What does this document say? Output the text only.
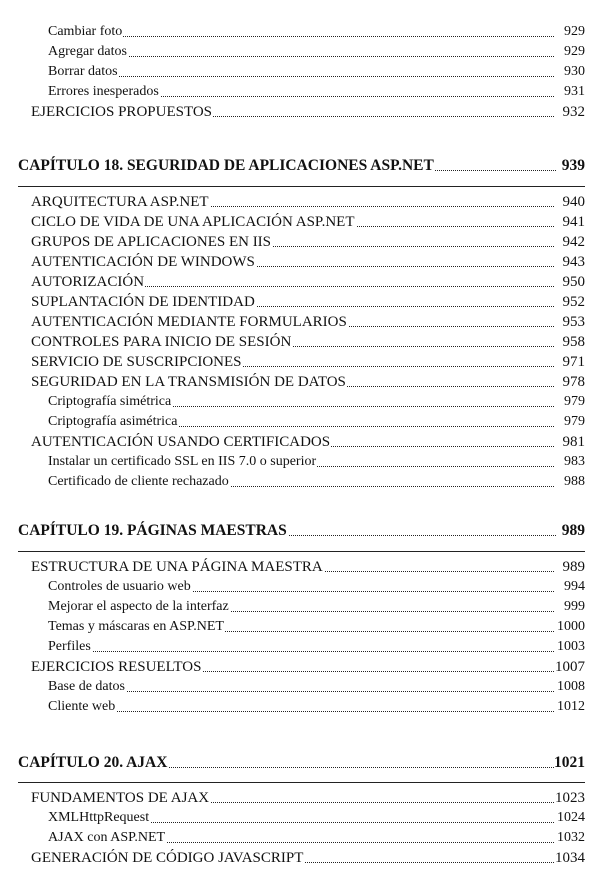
Cambiar foto	929
Agregar datos	929
Borrar datos	930
Errores inesperados	931
EJERCICIOS PROPUESTOS	932
CAPÍTULO 18. SEGURIDAD DE APLICACIONES ASP.NET	939
ARQUITECTURA ASP.NET	940
CICLO DE VIDA DE UNA APLICACIÓN ASP.NET	941
GRUPOS DE APLICACIONES EN IIS	942
AUTENTICACIÓN DE WINDOWS	943
AUTORIZACIÓN	950
SUPLANTACIÓN DE IDENTIDAD	952
AUTENTICACIÓN MEDIANTE FORMULARIOS	953
CONTROLES PARA INICIO DE SESIÓN	958
SERVICIO DE SUSCRIPCIONES	971
SEGURIDAD EN LA TRANSMISIÓN DE DATOS	978
Criptografía simétrica	979
Criptografía asimétrica	979
AUTENTICACIÓN USANDO CERTIFICADOS	981
Instalar un certificado SSL en IIS 7.0 o superior	983
Certificado de cliente rechazado	988
CAPÍTULO 19. PÁGINAS MAESTRAS	989
ESTRUCTURA DE UNA PÁGINA MAESTRA	989
Controles de usuario web	994
Mejorar el aspecto de la interfaz	999
Temas y máscaras en ASP.NET	1000
Perfiles	1003
EJERCICIOS RESUELTOS	1007
Base de datos	1008
Cliente web	1012
CAPÍTULO 20. AJAX	1021
FUNDAMENTOS DE AJAX	1023
XMLHttpRequest	1024
AJAX con ASP.NET	1032
GENERACIÓN DE CÓDIGO JAVASCRIPT	1034
